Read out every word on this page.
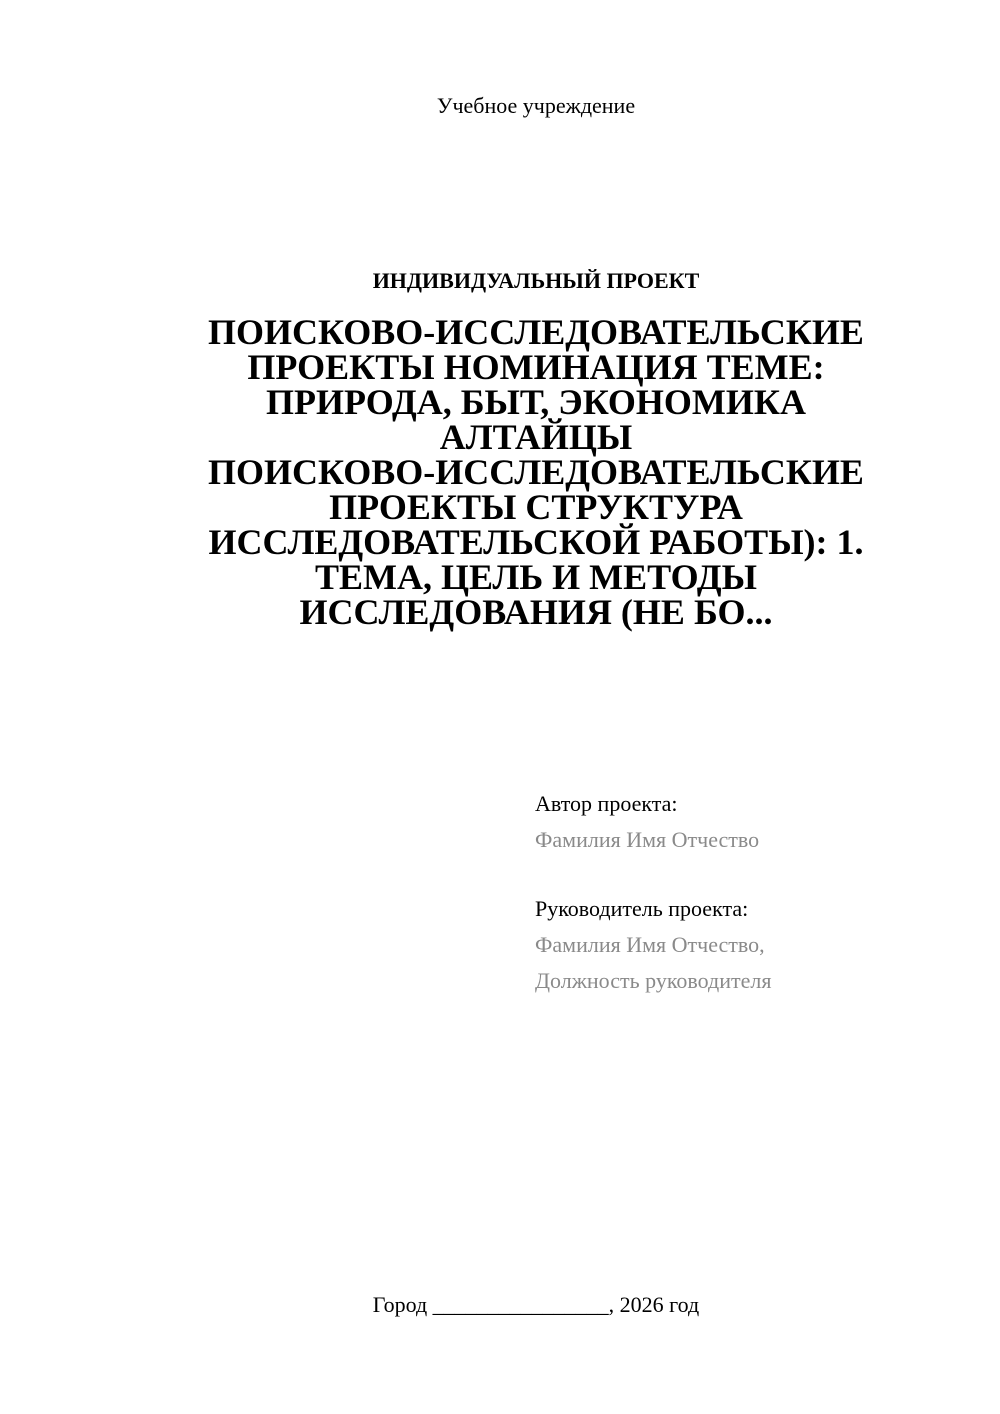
Учебное учреждение
ИНДИВИДУАЛЬНЫЙ ПРОЕКТ
ПОИСКОВО-ИССЛЕДОВАТЕЛЬСКИЕ
ПРОЕКТЫ НОМИНАЦИЯ ТЕМЕ:
ПРИРОДА, БЫТ, ЭКОНОМИКА
АЛТАЙЦЫ
ПОИСКОВО-ИССЛЕДОВАТЕЛЬСКИЕ
ПРОЕКТЫ СТРУКТУРА
ИССЛЕДОВАТЕЛЬСКОЙ РАБОТЫ): 1.
ТЕМА, ЦЕЛЬ И МЕТОДЫ
ИССЛЕДОВАНИЯ (НЕ БО...
Автор проекта:
Фамилия Имя Отчество
Руководитель проекта:
Фамилия Имя Отчество,
Должность руководителя
Город ________________, 2026 год
